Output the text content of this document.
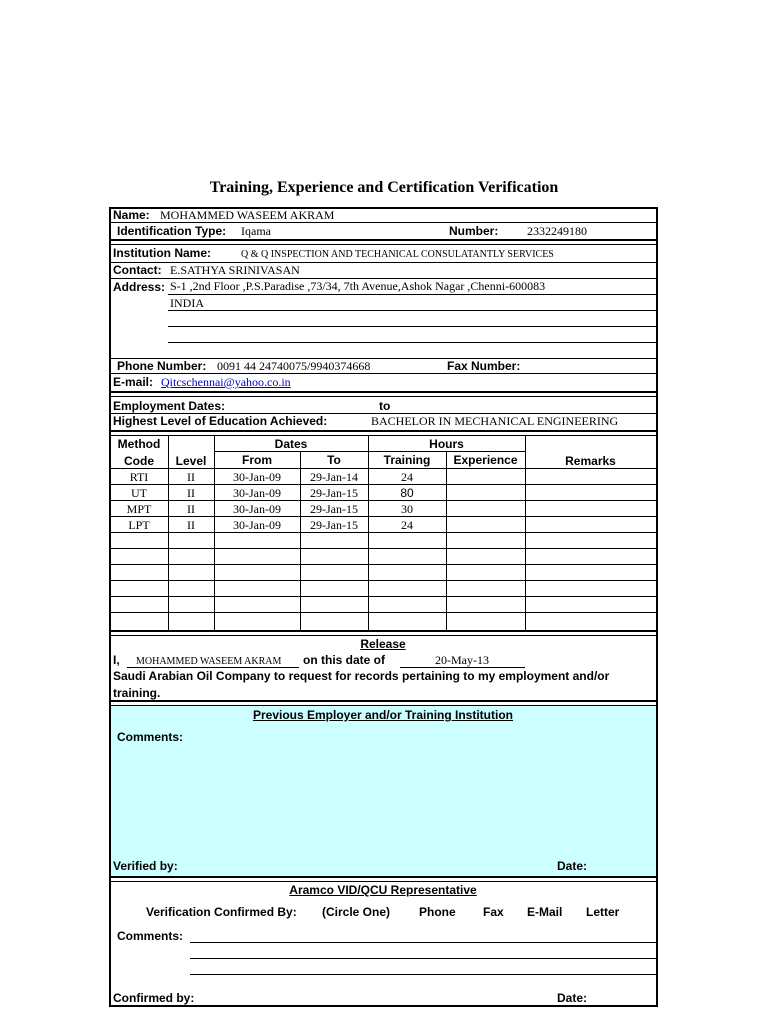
Training, Experience and Certification Verification
Name: MOHAMMED WASEEM AKRAM
Identification Type: Iqama	Number: 2332249180
Institution Name:	Q & Q INSPECTION AND TECHANICAL CONSULATANTLY SERVICES
Contact: E.SATHYA SRINIVASAN
Address: S-1 ,2nd Floor ,P.S.Paradise ,73/34, 7th Avenue,Ashok Nagar ,Chenni-600083
INDIA
Phone Number: 0091 44 24740075/9940374668	Fax Number:
E-mail: Qitcschennai@yahoo.co.in
Employment Dates:	to
Highest Level of Education Achieved:	BACHELOR IN MECHANICAL ENGINEERING
Method
Code	Level
Dates
From	To
Hours
Training	Experience	Remarks
RTI	II	30-Jan-09	29-Jan-14	24
UT	II	30-Jan-09	29-Jan-15	80
MPT	II	30-Jan-09	29-Jan-15	30
LPT	II	30-Jan-09	29-Jan-15	24
Release
I, MOHAMMED WASEEM AKRAM on this date of	20-May-13
Saudi Arabian Oil Company to request for records pertaining to my employment and/or
training.
Previous Employer and/or Training Institution
Comments:
Verified by:	Date:
Aramco VID/QCU Representative
Verification Confirmed By: (Circle One) Phone Fax E-Mail Letter
Comments:
Confirmed by:	Date:
